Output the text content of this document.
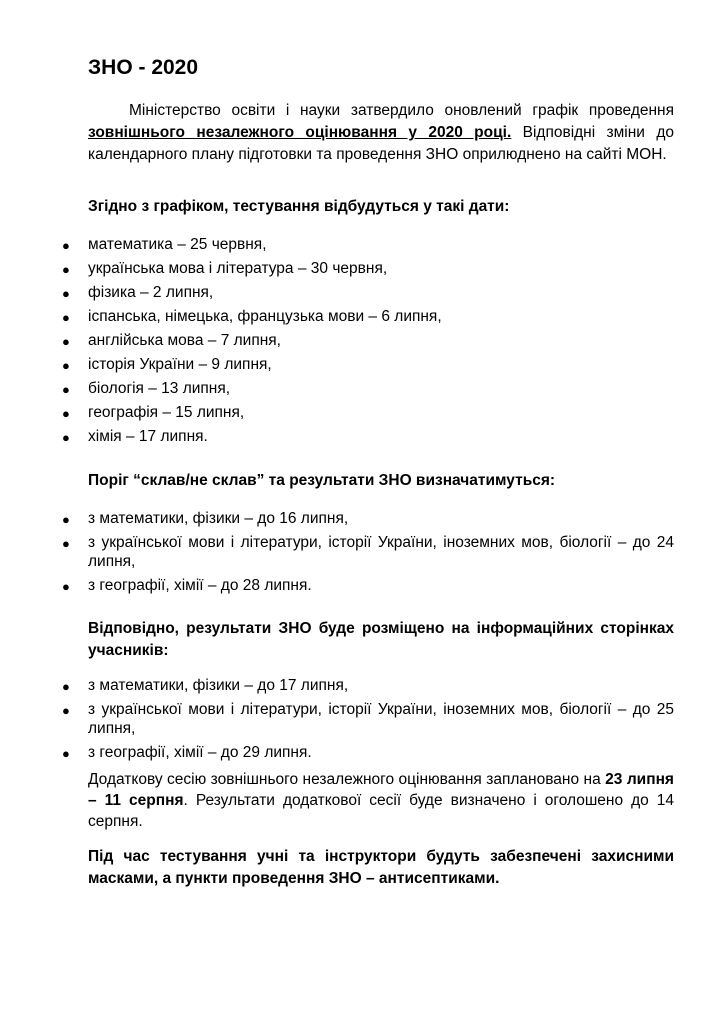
ЗНО - 2020

Міністерство освіти і науки затвердило оновлений графік проведення зовнішнього незалежного оцінювання у 2020 році. Відповідні зміни до календарного плану підготовки та проведення ЗНО оприлюднено на сайті МОН.

Згідно з графіком, тестування відбудуться у такі дати:

●	математика – 25 червня,
●	українська мова і література – 30 червня,
●	фізика – 2 липня,
●	іспанська, німецька, французька мови – 6 липня,
●	англійська мова – 7 липня,
●	історія України – 9 липня,
●	біологія – 13 липня,
●	географія – 15 липня,
●	хімія – 17 липня.

Поріг “склав/не склав” та результати ЗНО визначатимуться:

●	з математики, фізики – до 16 липня,
●	з української мови і літератури, історії України, іноземних мов, біології – до 24 липня,
●	з географії, хімії – до 28 липня.

Відповідно, результати ЗНО буде розміщено на інформаційних сторінках учасників:

●	з математики, фізики – до 17 липня,
●	з української мови і літератури, історії України, іноземних мов, біології – до 25 липня,
●	з географії, хімії – до 29 липня.

Додаткову сесію зовнішнього незалежного оцінювання заплановано на 23 липня – 11 серпня. Результати додаткової сесії буде визначено і оголошено до 14 серпня.

Під час тестування учні та інструктори будуть забезпечені захисними масками, а пункти проведення ЗНО – антисептиками.
